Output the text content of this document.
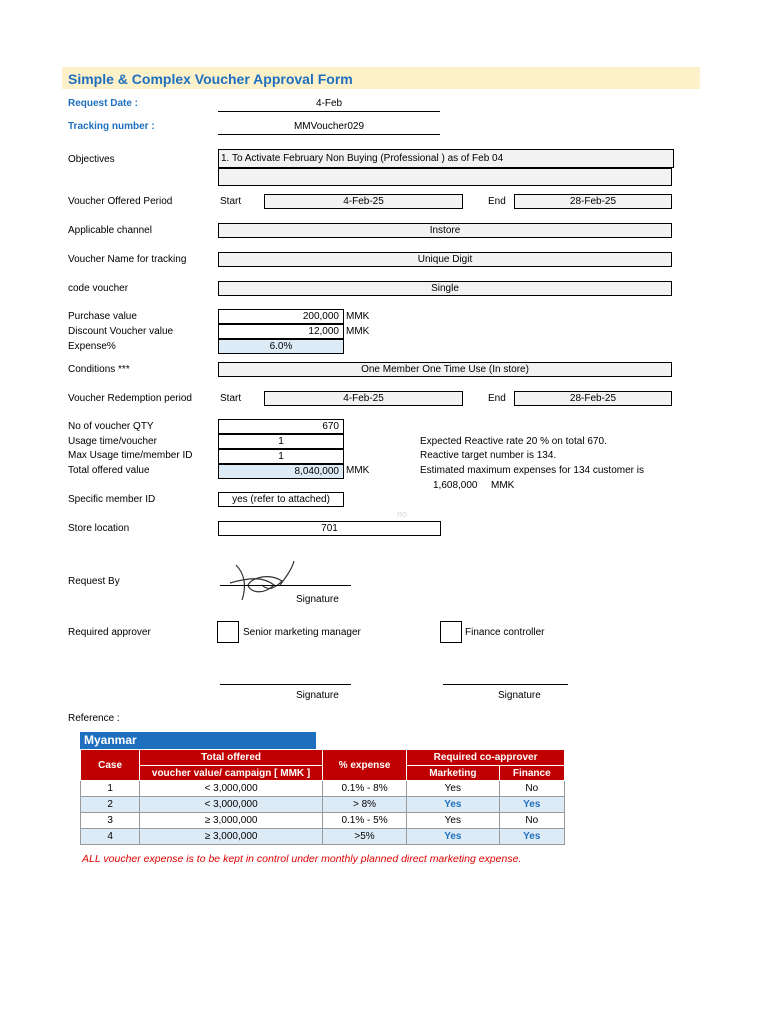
Simple & Complex Voucher Approval Form
Request Date :	4-Feb
Tracking number :	MMVoucher029
Objectives	1. To Activate February Non Buying (Professional ) as of Feb 04
Voucher Offered Period	Start	4-Feb-25	End	28-Feb-25
Applicable channel	Instore
Voucher Name for tracking	Unique Digit
code voucher	Single
Purchase value	200,000 MMK
Discount Voucher value	12,000 MMK
Expense%	6.0%
Conditions ***	One Member One Time Use (In store)
Voucher Redemption period	Start	4-Feb-25	End	28-Feb-25
No of voucher QTY	670
Usage time/voucher	1
Max Usage time/member ID	1
Total offered value	8,040,000 MMK
Expected Reactive rate 20 % on total 670.
Reactive target number is 134.
Estimated maximum expenses for 134 customer is
1,608,000 MMK
Specific member ID	yes (refer to attached)
no
Store location	701
Request By
Signature
Required approver	Senior marketing manager	Finance controller
Signature	Signature
Reference :
Myanmar
Case	Total offered	% expense	Required co-approver	
	voucher value/ campaign [ MMK ]		Marketing	Finance
1	< 3,000,000	0.1% - 8%	Yes	No
2	< 3,000,000	> 8%	Yes	Yes
3	≥ 3,000,000	0.1% - 5%	Yes	No
4	≥ 3,000,000	>5%	Yes	Yes
ALL voucher expense is to be kept in control under monthly planned direct marketing expense.
